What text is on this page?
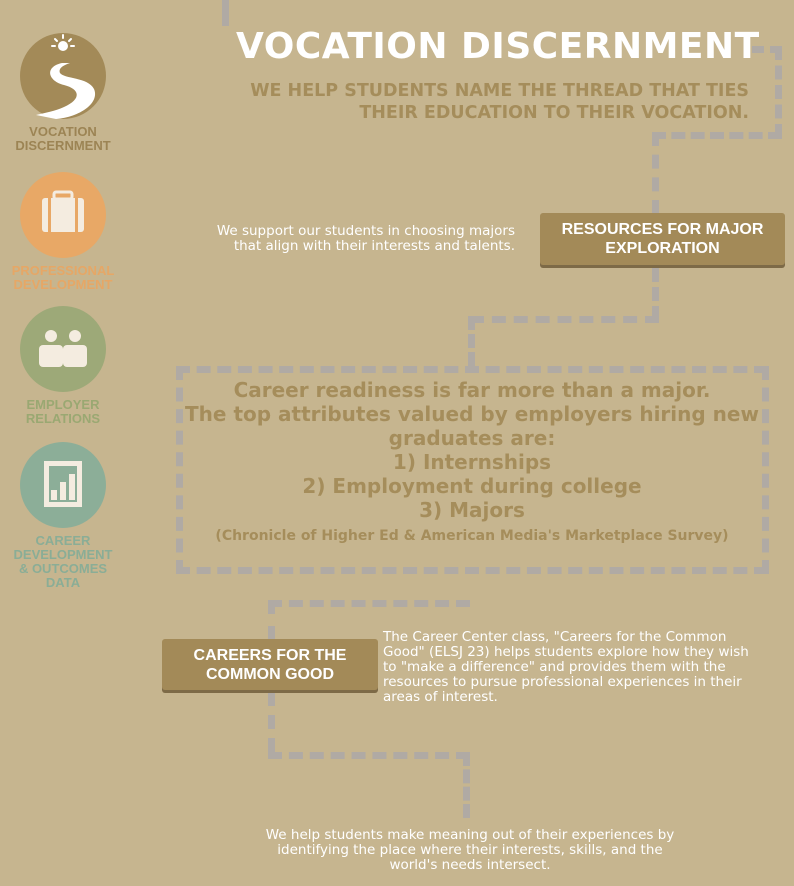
VOCATION
DISCERNMENT
PROFESSIONAL
DEVELOPMENT
EMPLOYER
RELATIONS
CAREER
DEVELOPMENT
& OUTCOMES
DATA
VOCATION DISCERNMENT
WE HELP STUDENTS NAME THE THREAD THAT TIES
THEIR EDUCATION TO THEIR VOCATION.
We support our students in choosing majors
that align with their interests and talents.
RESOURCES FOR MAJOR
EXPLORATION
Career readiness is far more than a major.
The top attributes valued by employers hiring new
graduates are:
1) Internships
2) Employment during college
3) Majors
(Chronicle of Higher Ed & American Media's Marketplace Survey)
CAREERS FOR THE
COMMON GOOD
The Career Center class, "Careers for the Common
Good" (ELSJ 23) helps students explore how they wish
to "make a difference" and provides them with the
resources to pursue professional experiences in their
areas of interest.
We help students make meaning out of their experiences by
identifying the place where their interests, skills, and the
world's needs intersect.
